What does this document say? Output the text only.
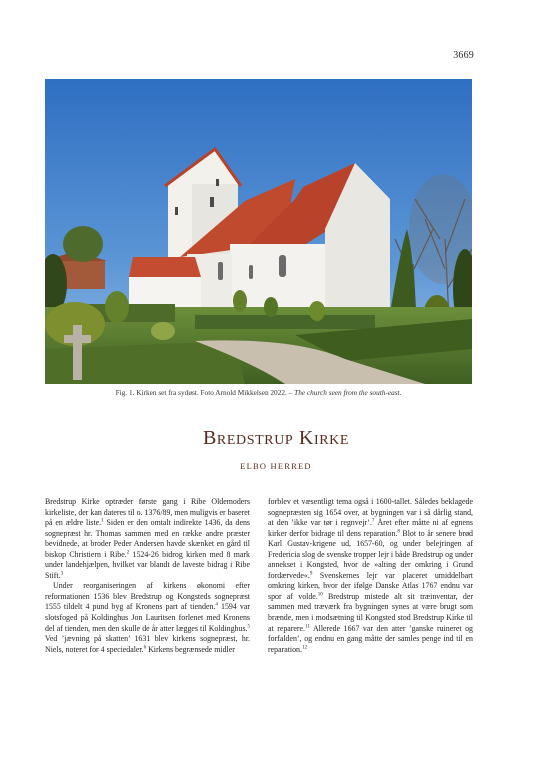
3669
Fig. 1. Kirken set fra sydøst. Foto Arnold Mikkelsen 2022. – The church seen from the south-east.
Bredstrup Kirke
ELBO HERRED

Bredstrup Kirke optræder første gang i Ribe Oldemoders kirkeliste, der kan dateres til o. 1376/89, men muligvis er baseret på en ældre liste.$^1$ Siden er den omtalt indirekte 1436, da dens sognepræst hr. Thomas sammen med en række andre præster bevidnede, at broder Peder Andersen havde skænket en gård til biskop Christiern i Ribe.$^2$ 1524-26 bidrog kirken med 8 mark under landehjælpen, hvilket var blandt de laveste bidrag i Ribe Stift.$^3$

Under reorganiseringen af kirkens økonomi efter reformationen 1536 blev Bredstrup og Kongsteds sognepræst 1555 tildelt 4 pund byg af Kronens part af tienden.$^4$ 1594 var slotsfoged på Koldinghus Jon Lauritsen forlenet med Kronens del af tienden, men den skulle de år atter lægges til Koldinghus.$^5$ Ved ’jævning på skatten’ 1631 blev kirkens sognepræst, hr. Niels, noteret for 4 speciedaler.$^6$ Kirkens begrænsede midler

forblev et væsentligt tema også i 1600-tallet. Således beklagede sognepræsten sig 1654 over, at bygningen var i så dårlig stand, at den ’ikke var tør i regnvejr’.$^7$ Året efter måtte ni af egnens kirker derfor bidrage til dens reparation.$^8$ Blot to år senere brød Karl Gustav-krigene ud, 1657-60, og under belejringen af Fredericia slog de svenske tropper lejr i både Bredstrup og under annekset i Kongsted, hvor de »alting der omkring i Grund fordærvede«.$^9$ Svenskernes lejr var placeret umiddelbart omkring kirken, hvor der ifølge Danske Atlas 1767 endnu var spor af volde.$^{10}$ Bredstrup mistede alt sit træinventar, der sammen med træværk fra bygningen synes at være brugt som brænde, men i modsætning til Kongsted stod Bredstrup Kirke til at reparere.$^{11}$ Allerede 1667 var den atter ’ganske ruineret og forfalden’, og endnu en gang måtte der samles penge ind til en reparation.$^{12}$
